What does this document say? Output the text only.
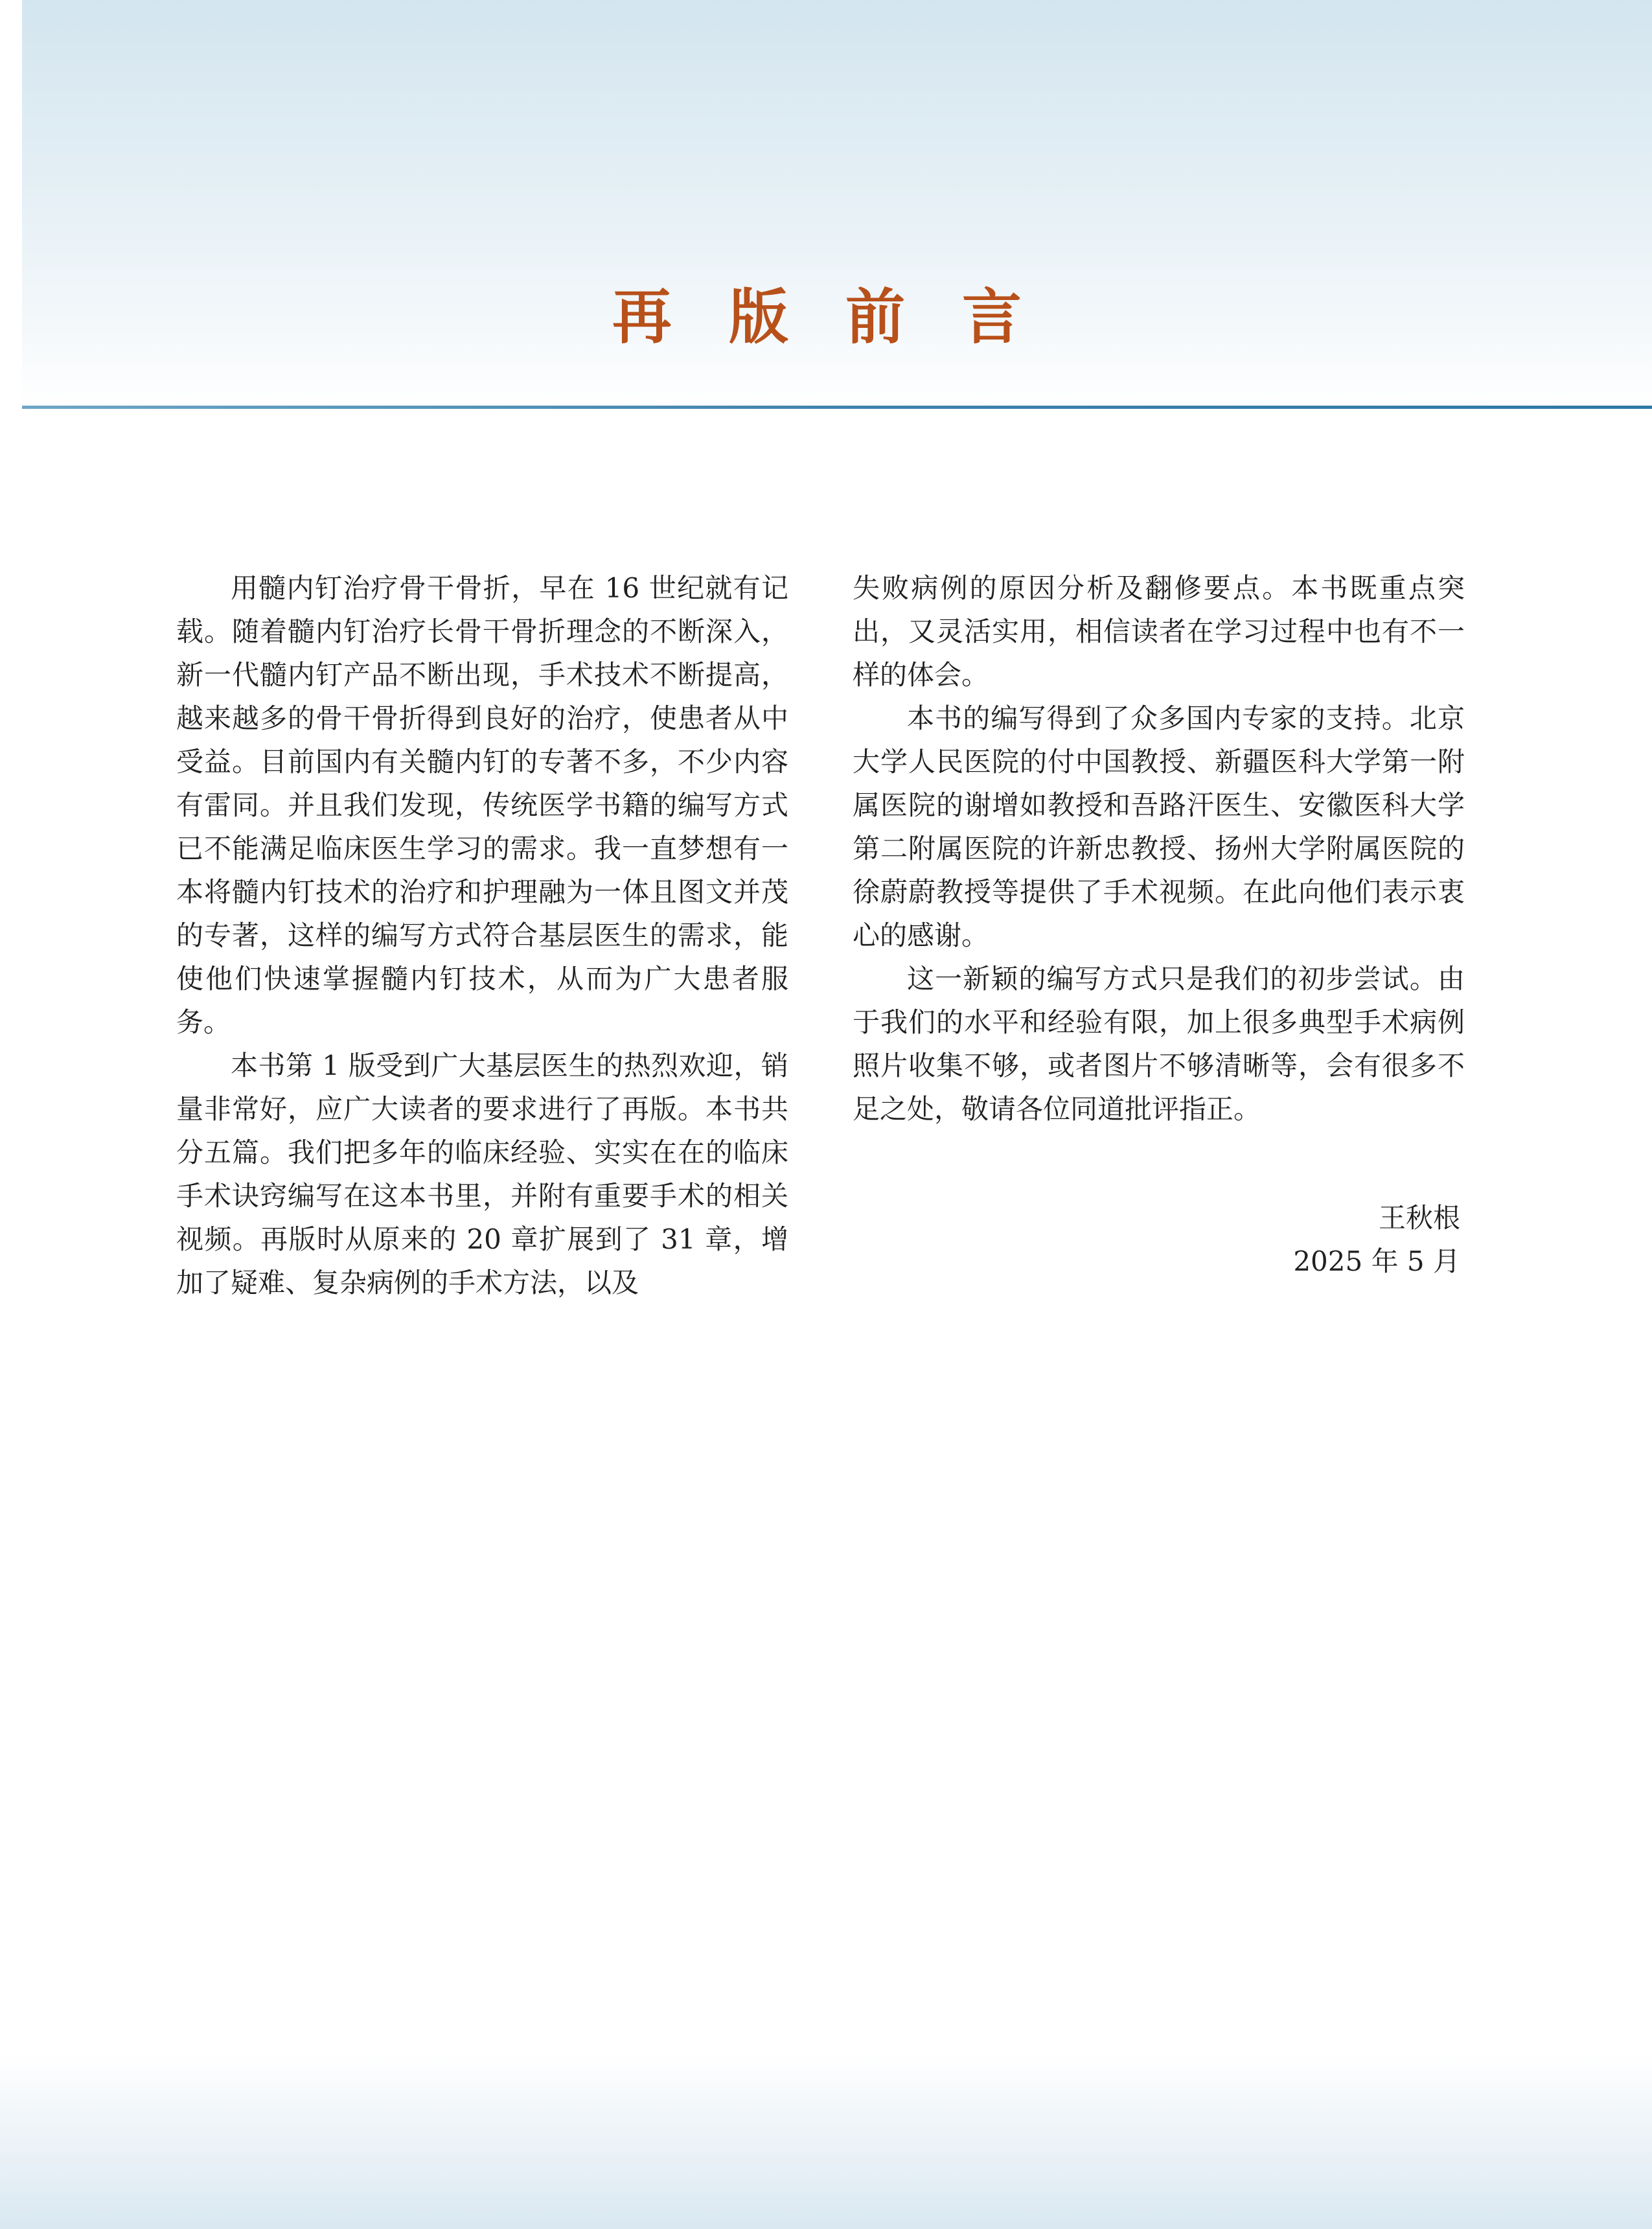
再 版 前 言

用髓内钉治疗骨干骨折，早在 16 世纪就有记载。随着髓内钉治疗长骨干骨折理念的不断深入，新一代髓内钉产品不断出现，手术技术不断提高，越来越多的骨干骨折得到良好的治疗，使患者从中受益。目前国内有关髓内钉的专著不多，不少内容有雷同。并且我们发现，传统医学书籍的编写方式已不能满足临床医生学习的需求。我一直梦想有一本将髓内钉技术的治疗和护理融为一体且图文并茂的专著，这样的编写方式符合基层医生的需求，能使他们快速掌握髓内钉技术，从而为广大患者服务。

本书第 1 版受到广大基层医生的热烈欢迎，销量非常好，应广大读者的要求进行了再版。本书共分五篇。我们把多年的临床经验、实实在在的临床手术诀窍编写在这本书里，并附有重要手术的相关视频。再版时从原来的 20 章扩展到了 31 章，增加了疑难、复杂病例的手术方法，以及

失败病例的原因分析及翻修要点。本书既重点突出，又灵活实用，相信读者在学习过程中也有不一样的体会。

本书的编写得到了众多国内专家的支持。北京大学人民医院的付中国教授、新疆医科大学第一附属医院的谢增如教授和吾路汗医生、安徽医科大学第二附属医院的许新忠教授、扬州大学附属医院的徐蔚蔚教授等提供了手术视频。在此向他们表示衷心的感谢。

这一新颖的编写方式只是我们的初步尝试。由于我们的水平和经验有限，加上很多典型手术病例照片收集不够，或者图片不够清晰等，会有很多不足之处，敬请各位同道批评指正。

王秋根
2025 年 5 月
